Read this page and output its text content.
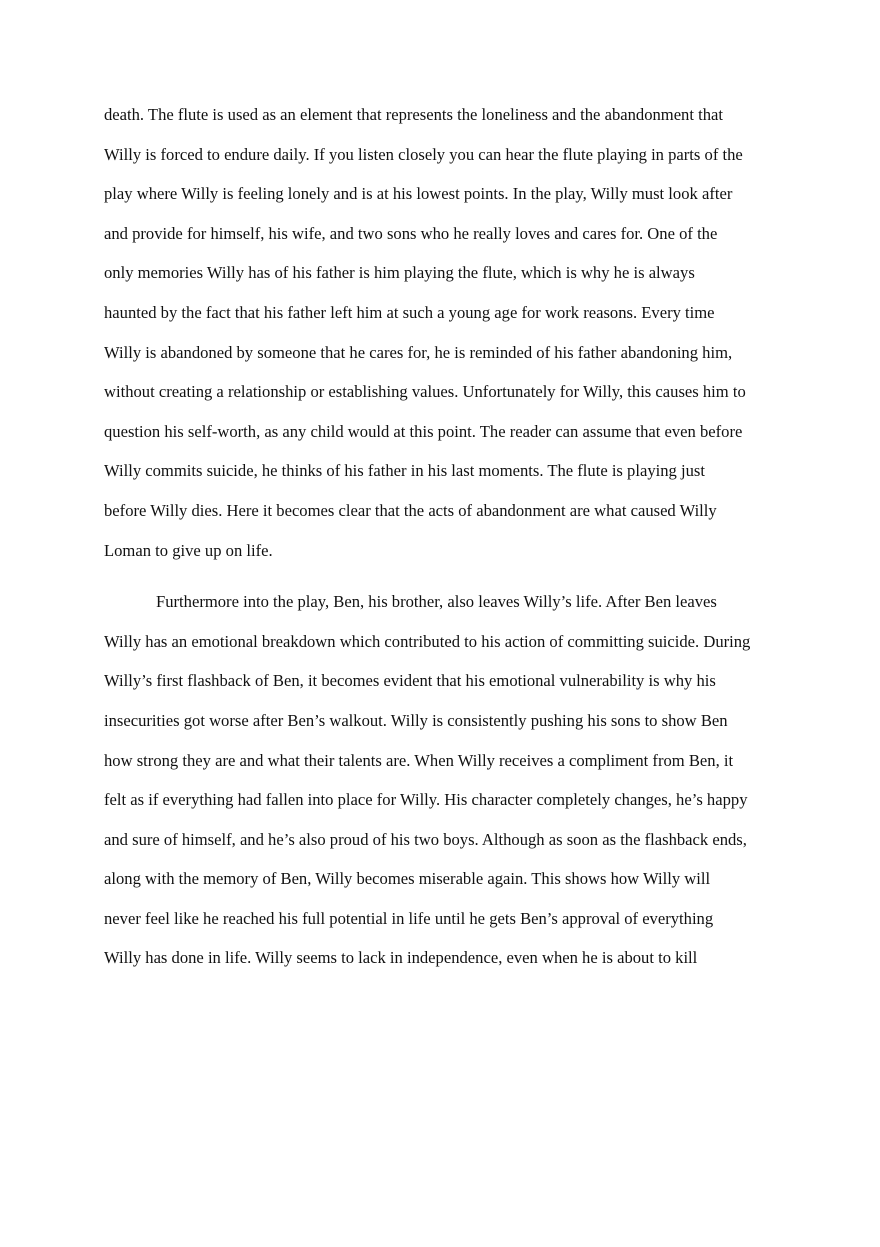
death. The flute is used as an element that represents the loneliness and the abandonment that
Willy is forced to endure daily. If you listen closely you can hear the flute playing in parts of the
play where Willy is feeling lonely and is at his lowest points. In the play, Willy must look after
and provide for himself, his wife, and two sons who he really loves and cares for. One of the
only memories Willy has of his father is him playing the flute, which is why he is always
haunted by the fact that his father left him at such a young age for work reasons. Every time
Willy is abandoned by someone that he cares for, he is reminded of his father abandoning him,
without creating a relationship or establishing values. Unfortunately for Willy, this causes him to
question his self-worth, as any child would at this point. The reader can assume that even before
Willy commits suicide, he thinks of his father in his last moments. The flute is playing just
before Willy dies. Here it becomes clear that the acts of abandonment are what caused Willy
Loman to give up on life.
Furthermore into the play, Ben, his brother, also leaves Willy’s life. After Ben leaves
Willy has an emotional breakdown which contributed to his action of committing suicide. During
Willy’s first flashback of Ben, it becomes evident that his emotional vulnerability is why his
insecurities got worse after Ben’s walkout. Willy is consistently pushing his sons to show Ben
how strong they are and what their talents are. When Willy receives a compliment from Ben, it
felt as if everything had fallen into place for Willy. His character completely changes, he’s happy
and sure of himself, and he’s also proud of his two boys. Although as soon as the flashback ends,
along with the memory of Ben, Willy becomes miserable again. This shows how Willy will
never feel like he reached his full potential in life until he gets Ben’s approval of everything
Willy has done in life. Willy seems to lack in independence, even when he is about to kill
